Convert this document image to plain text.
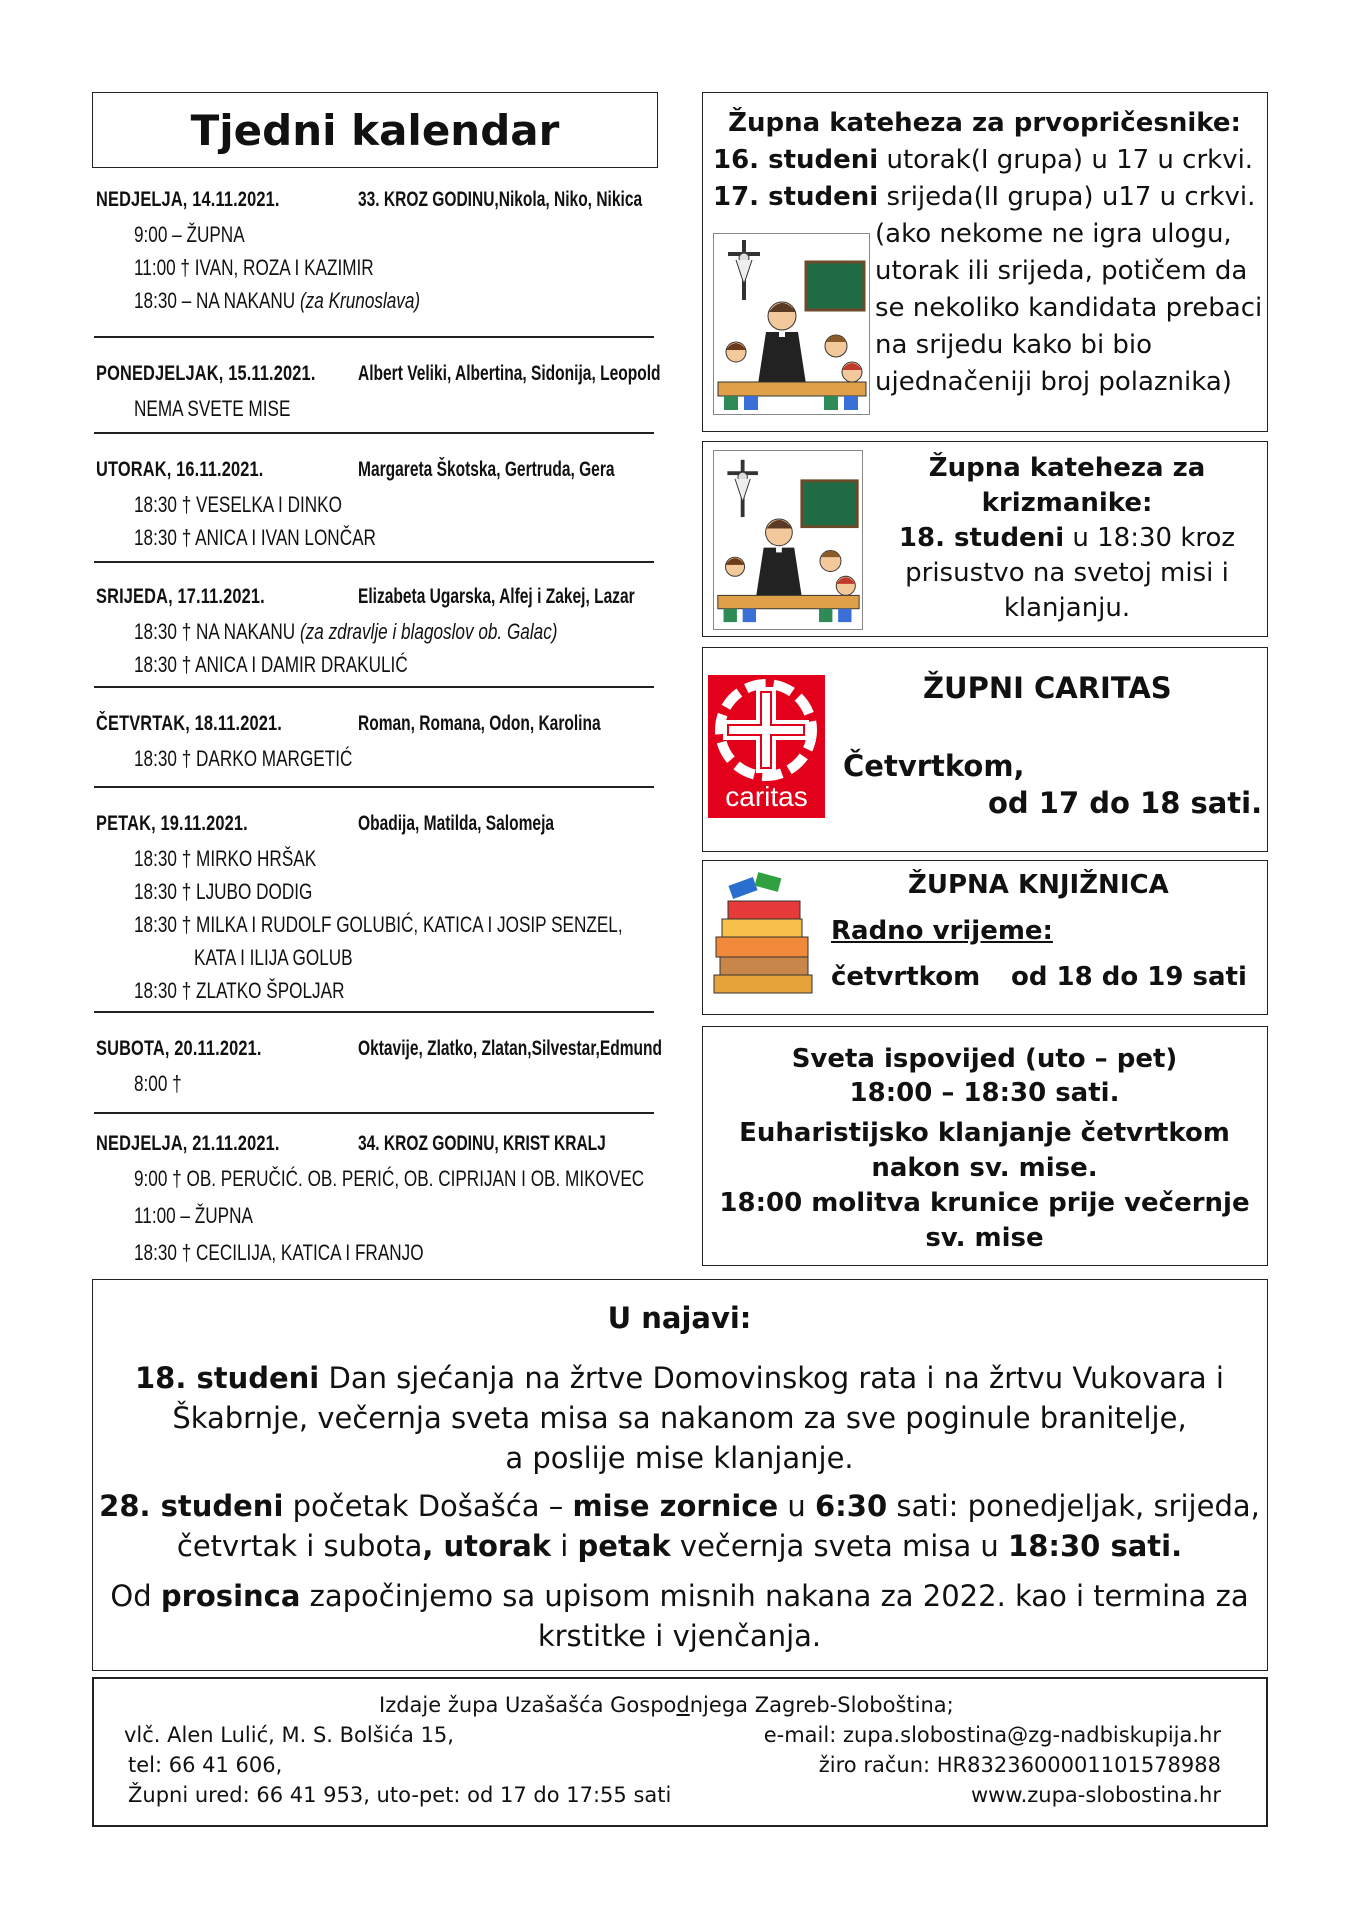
Tjedni kalendar
NEDJELJA, 14.11.2021.	33. KROZ GODINU,Nikola, Niko, Nikica
9:00 – ŽUPNA
11:00 † IVAN, ROZA I KAZIMIR
18:30 – NA NAKANU (za Krunoslava)
PONEDJELJAK, 15.11.2021. Albert Veliki, Albertina, Sidonija, Leopold
NEMA SVETE MISE
UTORAK, 16.11.2021.	Margareta Škotska, Gertruda, Gera
18:30 † VESELKA I DINKO
18:30 † ANICA I IVAN LONČAR
SRIJEDA, 17.11.2021.	Elizabeta Ugarska, Alfej i Zakej, Lazar
18:30 † NA NAKANU (za zdravlje i blagoslov ob. Galac)
18:30 † ANICA I DAMIR DRAKULIĆ
ČETVRTAK, 18.11.2021.	Roman, Romana, Odon, Karolina
18:30 † DARKO MARGETIĆ
PETAK, 19.11.2021.	Obadija, Matilda, Salomeja
18:30 † MIRKO HRŠAK
18:30 † LJUBO DODIG
18:30 † MILKA I RUDOLF GOLUBIĆ, KATICA I JOSIP SENZEL,
KATA I ILIJA GOLUB
18:30 † ZLATKO ŠPOLJAR
SUBOTA, 20.11.2021.	Oktavije, Zlatko, Zlatan,Silvestar,Edmund
8:00 †
NEDJELJA, 21.11.2021.	34. KROZ GODINU, KRIST KRALJ
9:00 † OB. PERUČIĆ. OB. PERIĆ, OB. CIPRIJAN I OB. MIKOVEC
11:00 – ŽUPNA
18:30 † CECILIJA, KATICA I FRANJO
Župna kateheza za prvopričesnike:
16. studeni utorak(I grupa) u 17 u crkvi.
17. studeni srijeda(II grupa) u17 u crkvi.
(ako nekome ne igra ulogu,
utorak ili srijeda, potičem da
se nekoliko kandidata prebaci
na srijedu kako bi bio
ujednačeniji broj polaznika)
Župna kateheza za
krizmanike:
18. studeni u 18:30 kroz
prisustvo na svetoj misi i
klanjanju.
caritas
ŽUPNI CARITAS
Četvrtkom,
od 17 do 18 sati.
ŽUPNA KNJIŽNICA
Radno vrijeme:
četvrtkom od 18 do 19 sati
Sveta ispovijed (uto – pet)
18:00 – 18:30 sati.
Euharistijsko klanjanje četvrtkom
nakon sv. mise.
18:00 molitva krunice prije večernje
sv. mise
U najavi:
18. studeni Dan sjećanja na žrtve Domovinskog rata i na žrtvu Vukovara i
Škabrnje, večernja sveta misa sa nakanom za sve poginule branitelje,
a poslije mise klanjanje.
28. studeni početak Došašća – mise zornice u 6:30 sati: ponedjeljak, srijeda,
četvrtak i subota, utorak i petak večernja sveta misa u 18:30 sati.
Od prosinca započinjemo sa upisom misnih nakana za 2022. kao i termina za
krstitke i vjenčanja.
Izdaje župa Uzašašća Gospodnjega Zagreb-Sloboština;
vlč. Alen Lulić, M. S. Bolšića 15,
tel: 66 41 606,
Župni ured: 66 41 953, uto-pet: od 17 do 17:55 sati
e-mail: zupa.slobostina@zg-nadbiskupija.hr
žiro račun: HR8323600001101578988
www.zupa-slobostina.hr
